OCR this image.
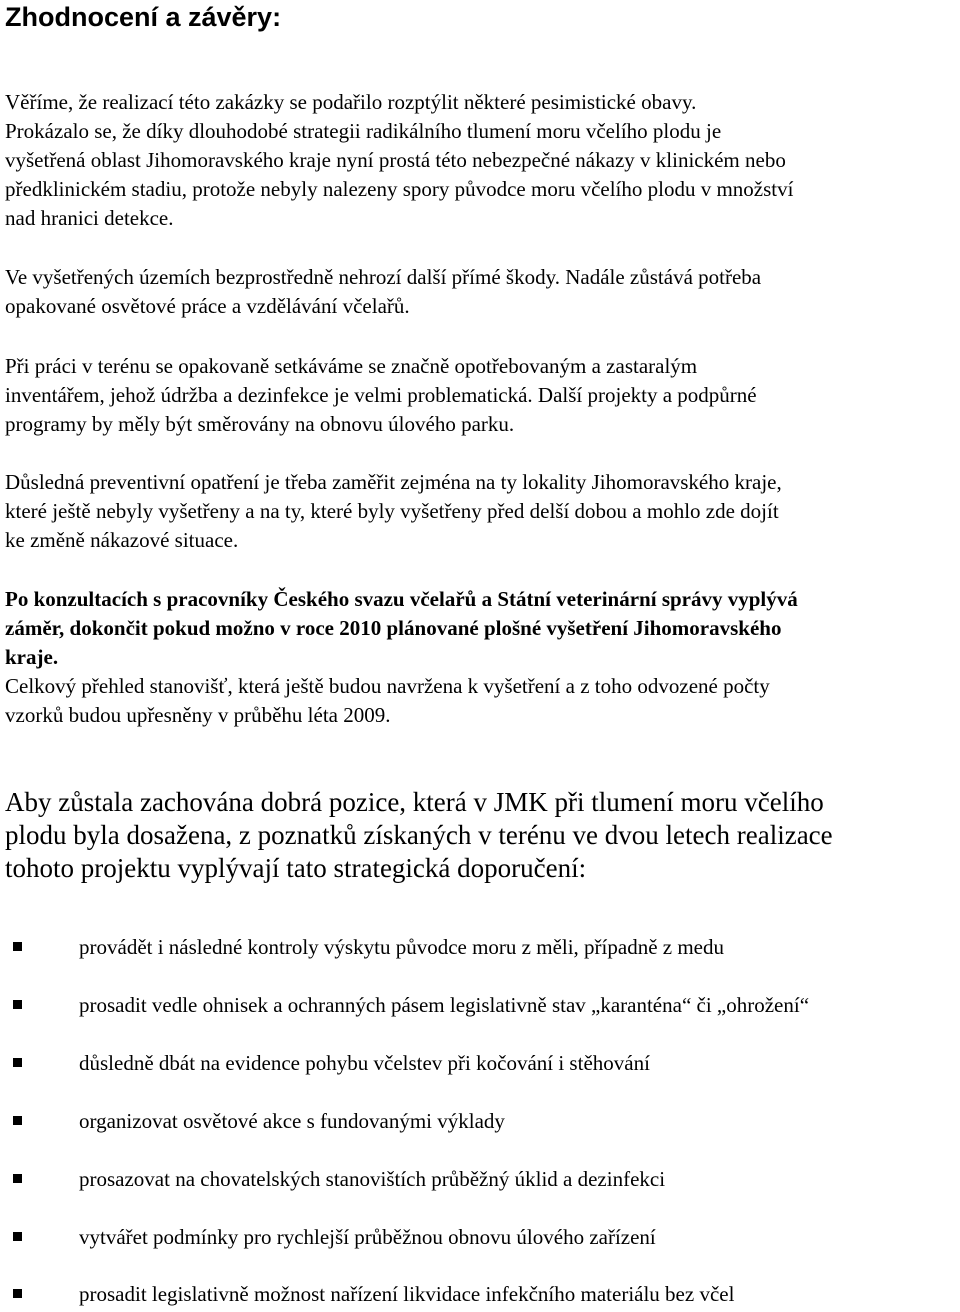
Zhodnocení a závěry:

Věříme, že realizací této zakázky se podařilo rozptýlit některé pesimistické obavy.
Prokázalo se, že díky dlouhodobé strategii radikálního tlumení moru včelího plodu je
vyšetřená oblast Jihomoravského kraje nyní prostá této nebezpečné nákazy v klinickém nebo
předklinickém stadiu, protože nebyly nalezeny spory původce moru včelího plodu v množství
nad hranici detekce.

Ve vyšetřených územích bezprostředně nehrozí další přímé škody. Nadále zůstává potřeba
opakované osvětové práce a vzdělávání včelařů.

Při práci v terénu se opakovaně setkáváme se značně opotřebovaným a zastaralým
inventářem, jehož údržba a dezinfekce je velmi problematická. Další projekty a podpůrné
programy by měly být směrovány na obnovu úlového parku.

Důsledná preventivní opatření je třeba zaměřit zejména na ty lokality Jihomoravského kraje,
které ještě nebyly vyšetřeny a na ty, které byly vyšetřeny před delší dobou a mohlo zde dojít
ke změně nákazové situace.

Po konzultacích s pracovníky Českého svazu včelařů a Státní veterinární správy vyplývá
záměr, dokončit pokud možno v roce 2010 plánované plošné vyšetření Jihomoravského
kraje.
Celkový přehled stanovišť, která ještě budou navržena k vyšetření a z toho odvozené počty
vzorků budou upřesněny v průběhu léta 2009.

Aby zůstala zachována dobrá pozice, která v JMK při tlumení moru včelího
plodu byla dosažena, z poznatků získaných v terénu ve dvou letech realizace
tohoto projektu vyplývají tato strategická doporučení:

provádět i následné kontroly výskytu původce moru z měli, případně z medu
prosadit vedle ohnisek a ochranných pásem legislativně stav „karanténa“ či „ohrožení“
důsledně dbát na evidence pohybu včelstev při kočování i stěhování
organizovat osvětové akce s fundovanými výklady
prosazovat na chovatelských stanovištích průběžný úklid a dezinfekci
vytvářet podmínky pro rychlejší průběžnou obnovu úlového zařízení
prosadit legislativně možnost nařízení likvidace infekčního materiálu bez včel
